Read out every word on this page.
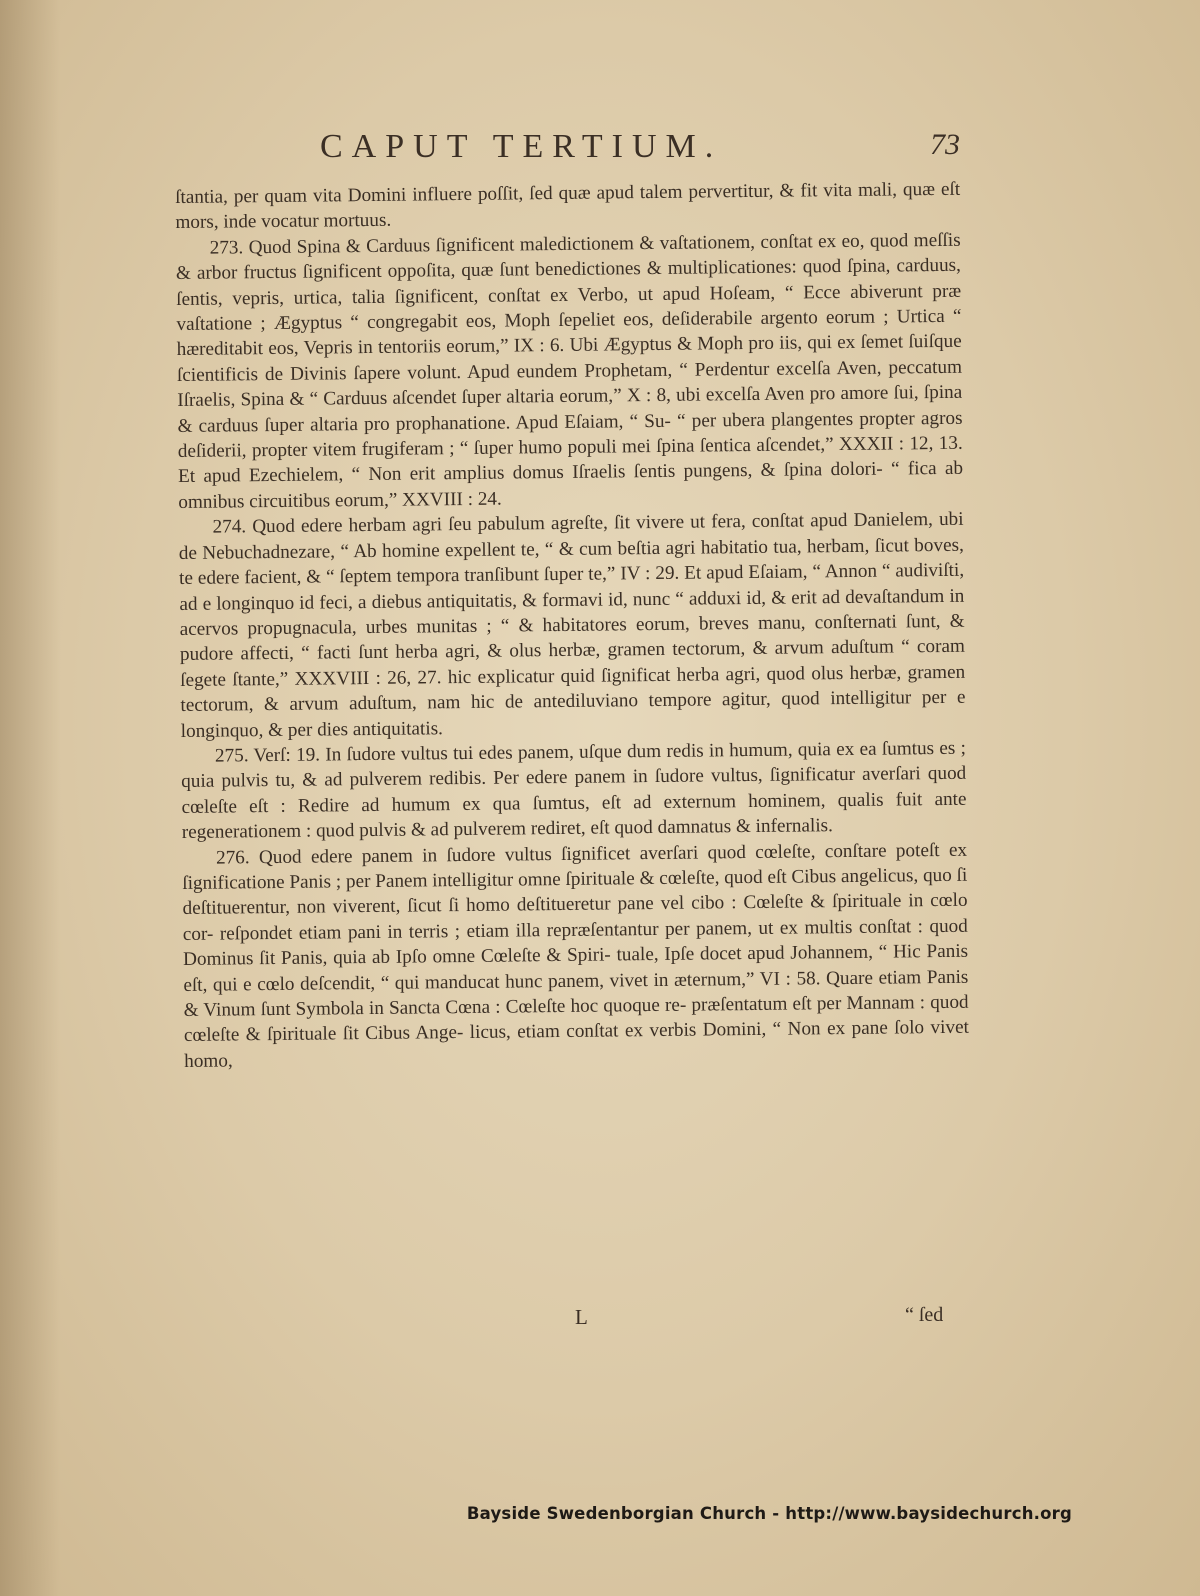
CAPUT TERTIUM.	73

ſtantia, per quam vita Domini influere poſſit, ſed quæ apud talem pervertitur, & fit vita mali, quæ eſt mors, inde vocatur mortuus.

273. Quod Spina & Carduus ſignificent maledictionem & vaſtationem, conſtat ex eo, quod meſſis & arbor fructus ſignificent oppoſita, quæ ſunt benedictiones & multiplicationes: quod ſpina, carduus, ſentis, vepris, urtica, talia ſignificent, conſtat ex Verbo, ut apud Hoſeam, “ Ecce abiverunt præ vaſtatione ; Ægyptus “ congregabit eos, Moph ſepeliet eos, deſiderabile argento eorum ; Urtica “ hæreditabit eos, Vepris in tentoriis eorum,” IX : 6. Ubi Ægyptus & Moph pro iis, qui ex ſemet ſuiſque ſcientificis de Divinis ſapere volunt. Apud eundem Prophetam, “ Perdentur excelſa Aven, peccatum Iſraelis, Spina & “ Carduus aſcendet ſuper altaria eorum,” X : 8, ubi excelſa Aven pro amore ſui, ſpina & carduus ſuper altaria pro prophanatione. Apud Eſaiam, “ Su- “ per ubera plangentes propter agros deſiderii, propter vitem frugiferam ; “ ſuper humo populi mei ſpina ſentica aſcendet,” XXXII : 12, 13. Et apud Ezechielem, “ Non erit amplius domus Iſraelis ſentis pungens, & ſpina dolori- “ fica ab omnibus circuitibus eorum,” XXVIII : 24.

274. Quod edere herbam agri ſeu pabulum agreſte, ſit vivere ut fera, conſtat apud Danielem, ubi de Nebuchadnezare, “ Ab homine expellent te, “ & cum beſtia agri habitatio tua, herbam, ſicut boves, te edere facient, & “ ſeptem tempora tranſibunt ſuper te,” IV : 29. Et apud Eſaiam, “ Annon “ audiviſti, ad e longinquo id feci, a diebus antiquitatis, & formavi id, nunc “ adduxi id, & erit ad devaſtandum in acervos propugnacula, urbes munitas ; “ & habitatores eorum, breves manu, conſternati ſunt, & pudore affecti, “ facti ſunt herba agri, & olus herbæ, gramen tectorum, & arvum aduſtum “ coram ſegete ſtante,” XXXVIII : 26, 27. hic explicatur quid ſignificat herba agri, quod olus herbæ, gramen tectorum, & arvum aduſtum, nam hic de antediluviano tempore agitur, quod intelligitur per e longinquo, & per dies antiquitatis.

275. Verſ: 19. In ſudore vultus tui edes panem, uſque dum redis in humum, quia ex ea ſumtus es ; quia pulvis tu, & ad pulverem redibis. Per edere panem in ſudore vultus, ſignificatur averſari quod cœleſte eſt : Redire ad humum ex qua ſumtus, eſt ad externum hominem, qualis fuit ante regenerationem : quod pulvis & ad pulverem rediret, eſt quod damnatus & infernalis.

276. Quod edere panem in ſudore vultus ſignificet averſari quod cœleſte, conſtare poteſt ex ſignificatione Panis ; per Panem intelligitur omne ſpirituale & cœleſte, quod eſt Cibus angelicus, quo ſi deſtituerentur, non viverent, ſicut ſi homo deſtitueretur pane vel cibo : Cœleſte & ſpirituale in cœlo cor- reſpondet etiam pani in terris ; etiam illa repræſentantur per panem, ut ex multis conſtat : quod Dominus ſit Panis, quia ab Ipſo omne Cœleſte & Spiri- tuale, Ipſe docet apud Johannem, “ Hic Panis eſt, qui e cœlo deſcendit, “ qui manducat hunc panem, vivet in æternum,” VI : 58. Quare etiam Panis & Vinum ſunt Symbola in Sancta Cœna : Cœleſte hoc quoque re- præſentatum eſt per Mannam : quod cœleſte & ſpirituale ſit Cibus Ange- licus, etiam conſtat ex verbis Domini, “ Non ex pane ſolo vivet homo,

L	“ ſed
Bayside Swedenborgian Church - http://www.baysidechurch.org
